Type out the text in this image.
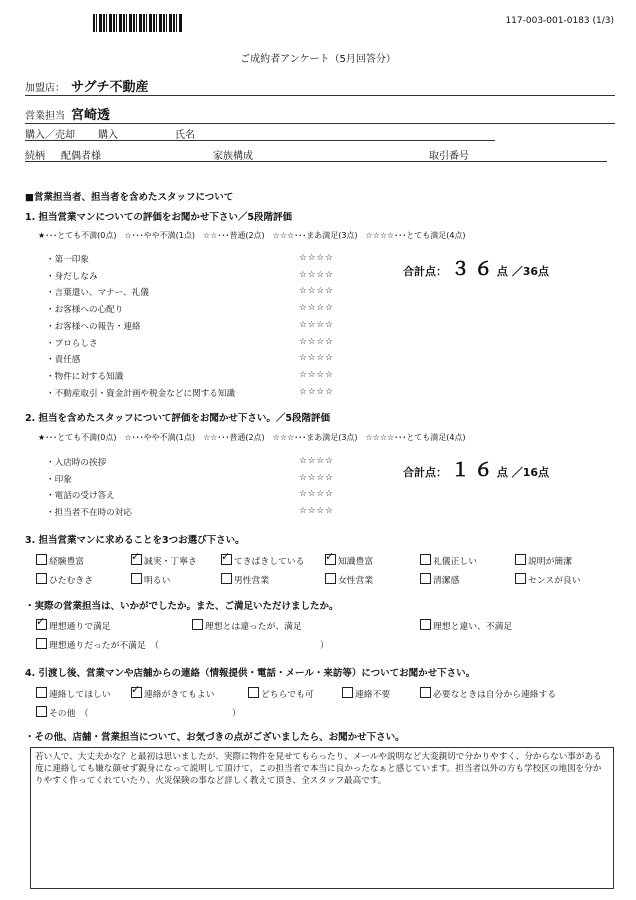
117-003-001-0183 (1/3)
ご成約者アンケート（5月回答分）
加盟店： サグチ不動産
営業担当 宮崎透
購入／売却 購入	氏名
続柄 配偶者様	家族構成	取引番号
■営業担当者、担当者を含めたスタッフについて
1. 担当営業マンについての評価をお聞かせ下さい／5段階評価
★･･･とても不満(0点)　☆･･･やや不満(1点)　☆☆･･･普通(2点)　☆☆☆･･･まあ満足(3点)　☆☆☆☆･･･とても満足(4点)
・第一印象	☆☆☆☆
・身だしなみ	☆☆☆☆
・言葉遣い、マナー、礼儀	☆☆☆☆
・お客様への心配り	☆☆☆☆
・お客様への報告・連絡	☆☆☆☆
・プロらしさ	☆☆☆☆
・責任感	☆☆☆☆
・物件に対する知識	☆☆☆☆
・不動産取引・資金計画や税金などに関する知識	☆☆☆☆
合計点： ３６点 ／36点
2. 担当を含めたスタッフについて評価をお聞かせ下さい。／5段階評価
★･･･とても不満(0点)　☆･･･やや不満(1点)　☆☆･･･普通(2点)　☆☆☆･･･まあ満足(3点)　☆☆☆☆･･･とても満足(4点)
・入店時の挨拶	☆☆☆☆
・印象	☆☆☆☆
・電話の受け答え	☆☆☆☆
・担当者不在時の対応	☆☆☆☆
合計点： １６点 ／16点
3. 担当営業マンに求めることを3つお選び下さい。
経験豊富 ✓	誠実・丁寧さ ✓	てきぱきしている ✓	知識豊富	礼儀正しい	説明が簡潔
ひたむきさ	明るい	男性営業	女性営業	清潔感	センスが良い
・実際の営業担当は、いかがでしたか。また、ご満足いただけましたか。
✓理想通りで満足	理想とは違ったが、満足	理想と違い、不満足
理想通りだったが不満足　（	）
4. 引渡し後、営業マンや店舗からの連絡（情報提供・電話・メール・来訪等）についてお聞かせ下さい。
連絡してほしい ✓	連絡がきてもよい	どちらでも可	連絡不要	必要なときは自分から連絡する
その他　（	）
・その他、店舗・営業担当について、お気づきの点がございましたら、お聞かせ下さい。
若い人で、大丈夫かな？と最初は思いましたが、実際に物件を見せてもらったり、メールや説明など大変親切で分かりやすく、分からない事がある度に連絡しても嫌な顔せず親身になって説明して頂けて、この担当者で本当に良かったなぁと感じています。担当者以外の方も学校区の地図を分かりやすく作ってくれていたり、火災保険の事など詳しく教えて頂き、全スタッフ最高です。
